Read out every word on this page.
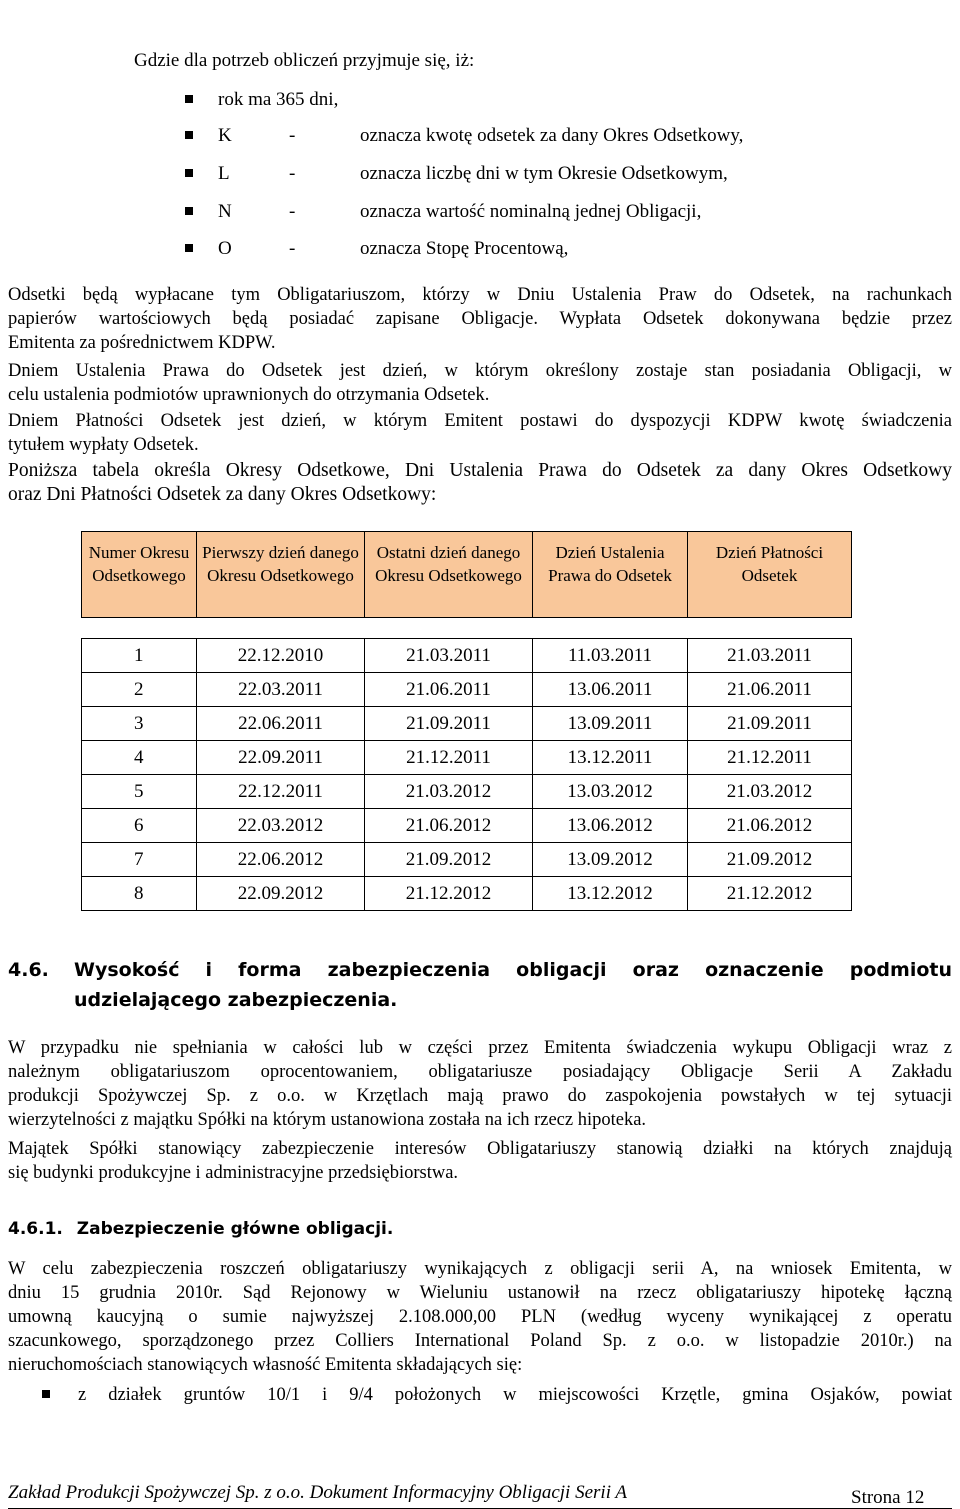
Gdzie dla potrzeb obliczeń przyjmuje się, iż:
rok ma 365 dni,
K	-	oznacza kwotę odsetek za dany Okres Odsetkowy,
L	-	oznacza liczbę dni w tym Okresie Odsetkowym,
N	-	oznacza wartość nominalną jednej Obligacji,
O	-	oznacza Stopę Procentową,
Odsetki będą wypłacane tym Obligatariuszom, którzy w Dniu Ustalenia Praw do Odsetek, na rachunkach
papierów wartościowych będą posiadać zapisane Obligacje. Wypłata Odsetek dokonywana będzie przez
Emitenta za pośrednictwem KDPW.
Dniem Ustalenia Prawa do Odsetek jest dzień, w którym określony zostaje stan posiadania Obligacji, w
celu ustalenia podmiotów uprawnionych do otrzymania Odsetek.
Dniem Płatności Odsetek jest dzień, w którym Emitent postawi do dyspozycji KDPW kwotę świadczenia
tytułem wypłaty Odsetek.
Poniższa tabela określa Okresy Odsetkowe, Dni Ustalenia Prawa do Odsetek za dany Okres Odsetkowy
oraz Dni Płatności Odsetek za dany Okres Odsetkowy:
Numer Okresu Odsetkowego	Pierwszy dzień danego Okresu Odsetkowego	Ostatni dzień danego Okresu Odsetkowego	Dzień Ustalenia Prawa do Odsetek	Dzień Płatności Odsetek

1	22.12.2010	21.03.2011	11.03.2011	21.03.2011
2	22.03.2011	21.06.2011	13.06.2011	21.06.2011
3	22.06.2011	21.09.2011	13.09.2011	21.09.2011
4	22.09.2011	21.12.2011	13.12.2011	21.12.2011
5	22.12.2011	21.03.2012	13.03.2012	21.03.2012
6	22.03.2012	21.06.2012	13.06.2012	21.06.2012
7	22.06.2012	21.09.2012	13.09.2012	21.09.2012
8	22.09.2012	21.12.2012	13.12.2012	21.12.2012
4.6. Wysokość i forma zabezpieczenia obligacji oraz oznaczenie podmiotu
udzielającego zabezpieczenia.
W przypadku nie spełniania w całości lub w części przez Emitenta świadczenia wykupu Obligacji wraz z
należnym obligatariuszom oprocentowaniem, obligatariusze posiadający Obligacje Serii A Zakładu
produkcji Spożywczej Sp. z o.o. w Krzętlach mają prawo do zaspokojenia powstałych w tej sytuacji
wierzytelności z majątku Spółki na którym ustanowiona została na ich rzecz hipoteka.
Majątek Spółki stanowiący zabezpieczenie interesów Obligatariuszy stanowią działki na których znajdują
się budynki produkcyjne i administracyjne przedsiębiorstwa.
4.6.1. Zabezpieczenie główne obligacji.
W celu zabezpieczenia roszczeń obligatariuszy wynikających z obligacji serii A, na wniosek Emitenta, w
dniu 15 grudnia 2010r. Sąd Rejonowy w Wieluniu ustanowił na rzecz obligatariuszy hipotekę łączną
umowną kaucyjną o sumie najwyższej 2.108.000,00 PLN (według wyceny wynikającej z operatu
szacunkowego, sporządzonego przez Colliers International Poland Sp. z o.o. w listopadzie 2010r.) na
nieruchomościach stanowiących własność Emitenta składających się:
z działek gruntów 10/1 i 9/4 położonych w miejscowości Krzętle, gmina Osjaków, powiat
Zakład Produkcji Spożywczej Sp. z o.o. Dokument Informacyjny Obligacji Serii A	Strona 12
